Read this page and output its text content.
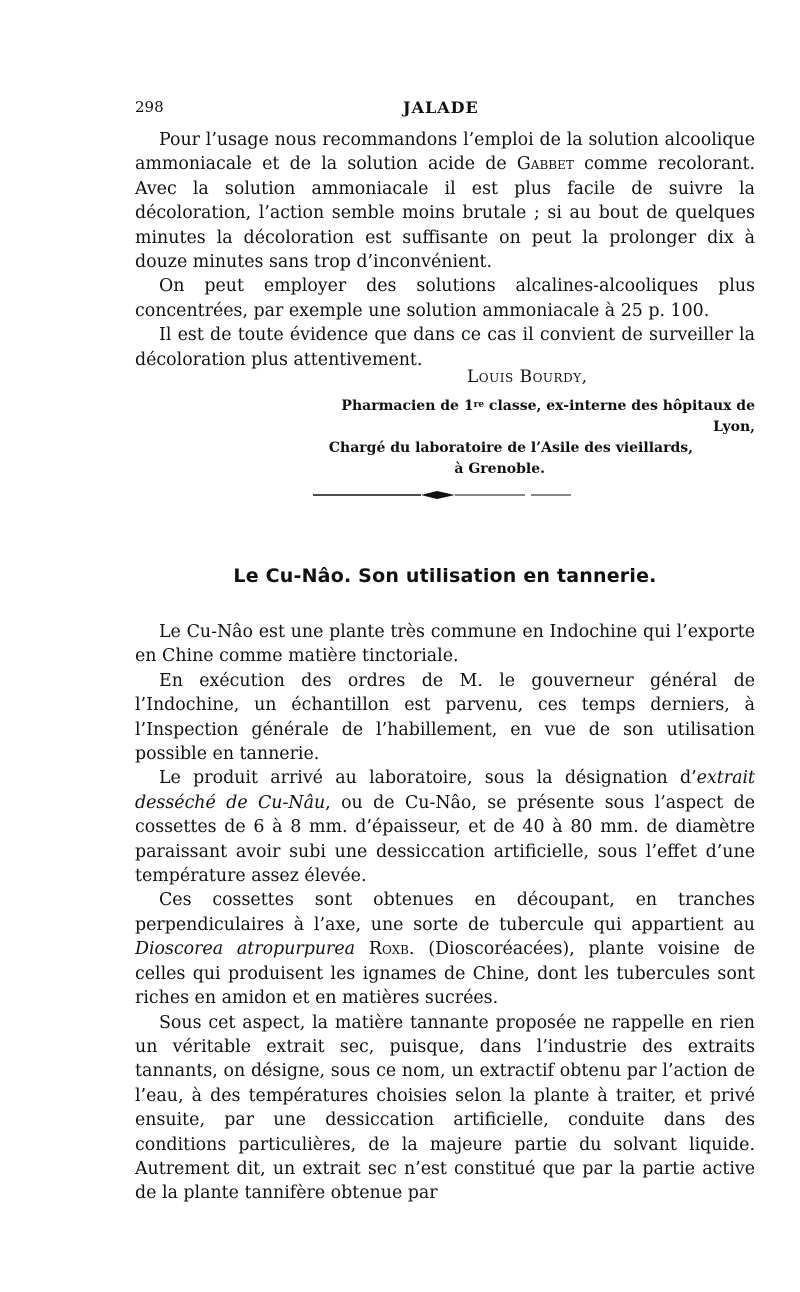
298	JALADE

Pour l’usage nous recommandons l’emploi de la solution alcoolique ammoniacale et de la solution acide de Gabbet comme recolorant. Avec la solution ammoniacale il est plus facile de suivre la décoloration, l’action semble moins brutale ; si au bout de quelques minutes la décoloration est suffisante on peut la prolonger dix à douze minutes sans trop d’inconvénient.

On peut employer des solutions alcalines-alcooliques plus concentrées, par exemple une solution ammoniacale à 25 p. 100.

Il est de toute évidence que dans ce cas il convient de surveiller la décoloration plus attentivement.

Louis Bourdy,
Pharmacien de 1re classe, ex-interne des hôpitaux de Lyon,
Chargé du laboratoire de l’Asile des vieillards,
à Grenoble.
Le Cu-Nâo. Son utilisation en tannerie.

Le Cu-Nâo est une plante très commune en Indochine qui l’exporte en Chine comme matière tinctoriale.

En exécution des ordres de M. le gouverneur général de l’Indochine, un échantillon est parvenu, ces temps derniers, à l’Inspection générale de l’habillement, en vue de son utilisation possible en tannerie.

Le produit arrivé au laboratoire, sous la désignation d’extrait desséché de Cu-Nâu, ou de Cu-Nâo, se présente sous l’aspect de cossettes de 6 à 8 mm. d’épaisseur, et de 40 à 80 mm. de diamètre paraissant avoir subi une dessiccation artificielle, sous l’effet d’une température assez élevée.

Ces cossettes sont obtenues en découpant, en tranches perpendiculaires à l’axe, une sorte de tubercule qui appartient au Dioscorea atropurpurea Roxb. (Dioscoréacées), plante voisine de celles qui produisent les ignames de Chine, dont les tubercules sont riches en amidon et en matières sucrées.

Sous cet aspect, la matière tannante proposée ne rappelle en rien un véritable extrait sec, puisque, dans l’industrie des extraits tannants, on désigne, sous ce nom, un extractif obtenu par l’action de l’eau, à des températures choisies selon la plante à traiter, et privé ensuite, par une dessiccation artificielle, conduite dans des conditions particulières, de la majeure partie du solvant liquide. Autrement dit, un extrait sec n’est constitué que par la partie active de la plante tannifère obtenue par
